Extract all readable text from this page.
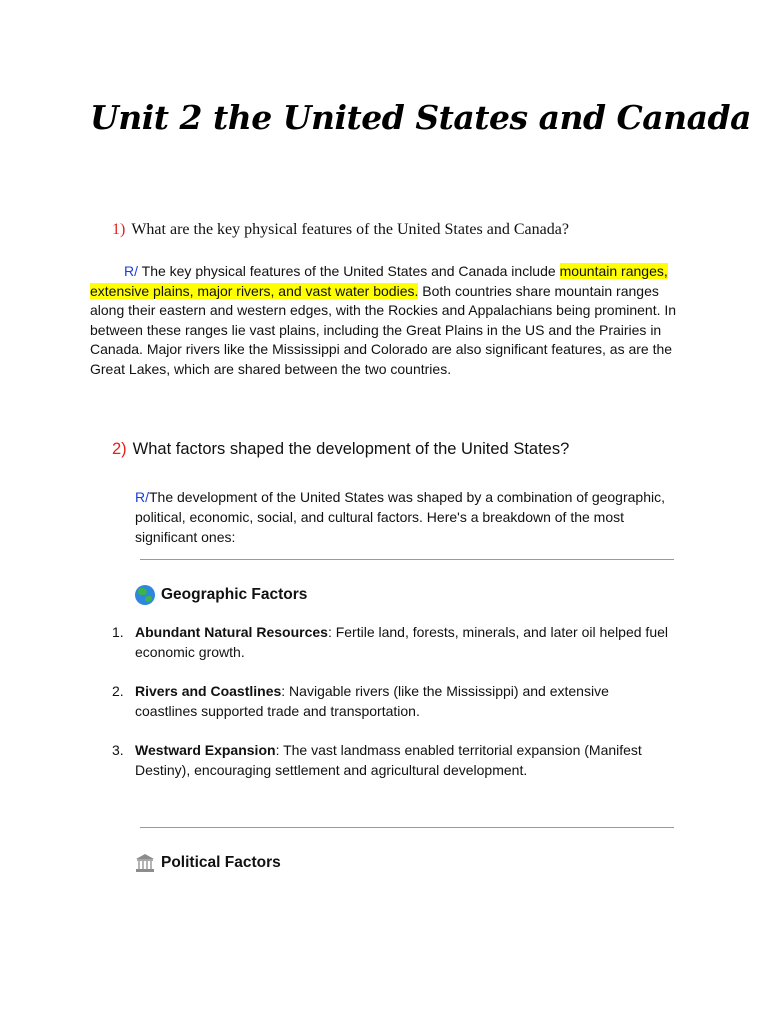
Unit 2 the United States and Canada
1) What are the key physical features of the United States and Canada?
R/ The key physical features of the United States and Canada include mountain ranges, extensive plains, major rivers, and vast water bodies. Both countries share mountain ranges along their eastern and western edges, with the Rockies and Appalachians being prominent. In between these ranges lie vast plains, including the Great Plains in the US and the Prairies in Canada. Major rivers like the Mississippi and Colorado are also significant features, as are the Great Lakes, which are shared between the two countries.
2) What factors shaped the development of the United States?
R/The development of the United States was shaped by a combination of geographic, political, economic, social, and cultural factors. Here's a breakdown of the most significant ones:
Geographic Factors
1. Abundant Natural Resources: Fertile land, forests, minerals, and later oil helped fuel economic growth.
2. Rivers and Coastlines: Navigable rivers (like the Mississippi) and extensive coastlines supported trade and transportation.
3. Westward Expansion: The vast landmass enabled territorial expansion (Manifest Destiny), encouraging settlement and agricultural development.
Political Factors
